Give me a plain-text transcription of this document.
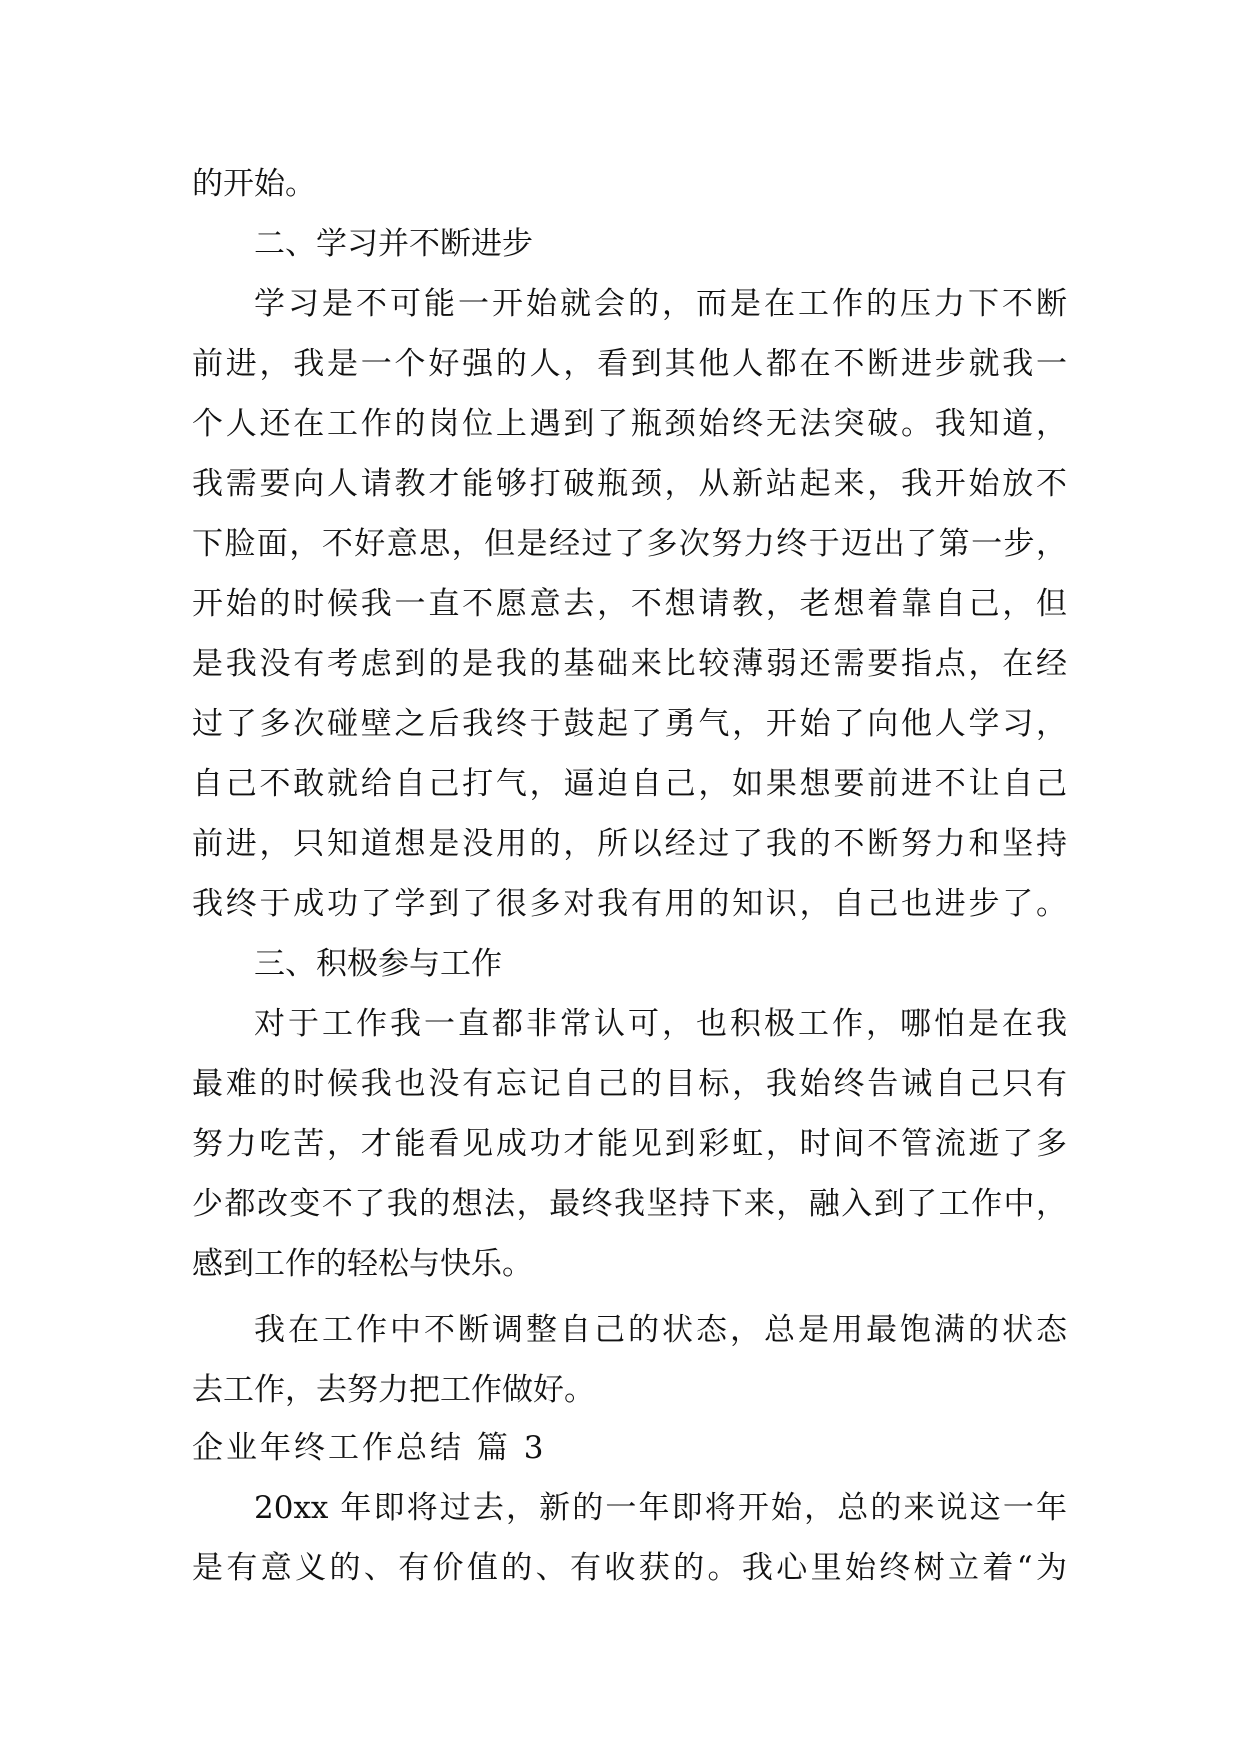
的开始。
二、学习并不断进步
学习是不可能一开始就会的，而是在工作的压力下不断
前进，我是一个好强的人，看到其他人都在不断进步就我一
个人还在工作的岗位上遇到了瓶颈始终无法突破。我知道，
我需要向人请教才能够打破瓶颈，从新站起来，我开始放不
下脸面，不好意思，但是经过了多次努力终于迈出了第一步，
开始的时候我一直不愿意去，不想请教，老想着靠自己，但
是我没有考虑到的是我的基础来比较薄弱还需要指点，在经
过了多次碰壁之后我终于鼓起了勇气，开始了向他人学习，
自己不敢就给自己打气，逼迫自己，如果想要前进不让自己
前进，只知道想是没用的，所以经过了我的不断努力和坚持
我终于成功了学到了很多对我有用的知识，自己也进步了。
三、积极参与工作
对于工作我一直都非常认可，也积极工作，哪怕是在我
最难的时候我也没有忘记自己的目标，我始终告诫自己只有
努力吃苦，才能看见成功才能见到彩虹，时间不管流逝了多
少都改变不了我的想法，最终我坚持下来，融入到了工作中，
感到工作的轻松与快乐。
我在工作中不断调整自己的状态，总是用最饱满的状态
去工作，去努力把工作做好。
企业年终工作总结 篇 3
20xx 年即将过去，新的一年即将开始，总的来说这一年
是有意义的、有价值的、有收获的。我心里始终树立着“为
